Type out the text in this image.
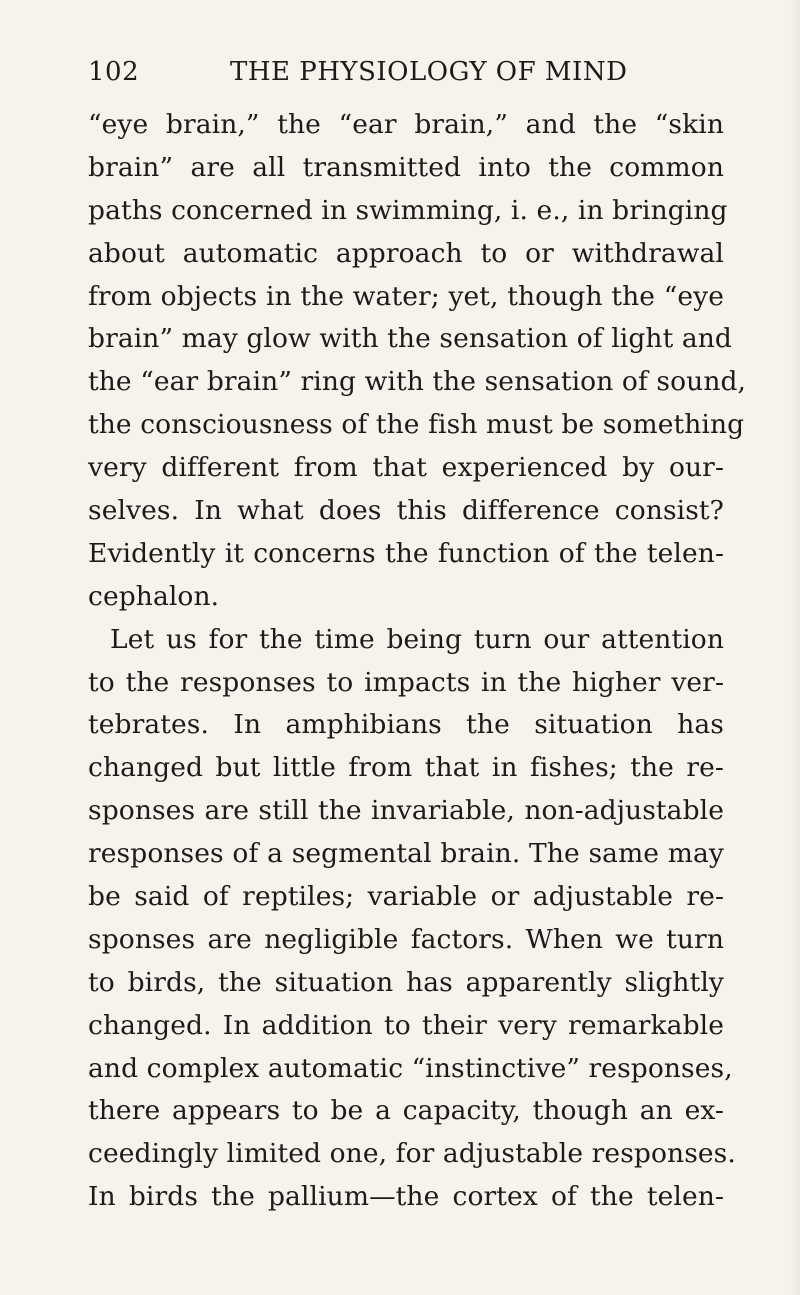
102	THE PHYSIOLOGY OF MIND
“eye brain,” the “ear brain,” and the “skin
brain” are all transmitted into the common
paths concerned in swimming, i. e., in bringing
about automatic approach to or withdrawal
from objects in the water; yet, though the “eye
brain” may glow with the sensation of light and
the “ear brain” ring with the sensation of sound,
the consciousness of the fish must be something
very different from that experienced by our-
selves. In what does this difference consist?
Evidently it concerns the function of the telen-
cephalon.
Let us for the time being turn our attention
to the responses to impacts in the higher ver-
tebrates. In amphibians the situation has
changed but little from that in fishes; the re-
sponses are still the invariable, non-adjustable
responses of a segmental brain. The same may
be said of reptiles; variable or adjustable re-
sponses are negligible factors. When we turn
to birds, the situation has apparently slightly
changed. In addition to their very remarkable
and complex automatic “instinctive” responses,
there appears to be a capacity, though an ex-
ceedingly limited one, for adjustable responses.
In birds the pallium—the cortex of the telen-
